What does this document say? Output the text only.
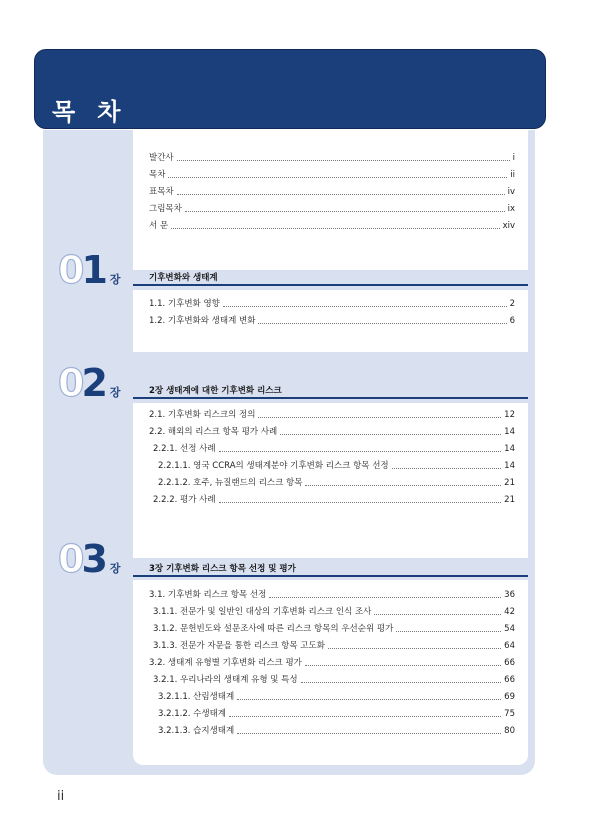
목 차
발간사	i
목차	ii
표목차	iv
그림목차	ix
서 문	xiv
01 장	기후변화와 생태계
1.1. 기후변화 영향	2
1.2. 기후변화와 생태계 변화	6
02 장	2장 생태계에 대한 기후변화 리스크
2.1. 기후변화 리스크의 정의	12
2.2. 해외의 리스크 항목 평가 사례	14
2.2.1. 선정 사례	14
2.2.1.1. 영국 CCRA의 생태계분야 기후변화 리스크 항목 선정	14
2.2.1.2. 호주, 뉴질랜드의 리스크 항목	21
2.2.2. 평가 사례	21
03 장	3장 기후변화 리스크 항목 선정 및 평가
3.1. 기후변화 리스크 항목 선정	36
3.1.1. 전문가 및 일반인 대상의 기후변화 리스크 인식 조사	42
3.1.2. 문헌빈도와 설문조사에 따른 리스크 항목의 우선순위 평가	54
3.1.3. 전문가 자문을 통한 리스크 항목 고도화	64
3.2. 생태계 유형별 기후변화 리스크 평가	66
3.2.1. 우리나라의 생태계 유형 및 특성	66
3.2.1.1. 산림생태계	69
3.2.1.2. 수생태계	75
3.2.1.3. 습지생태계	80
ii
